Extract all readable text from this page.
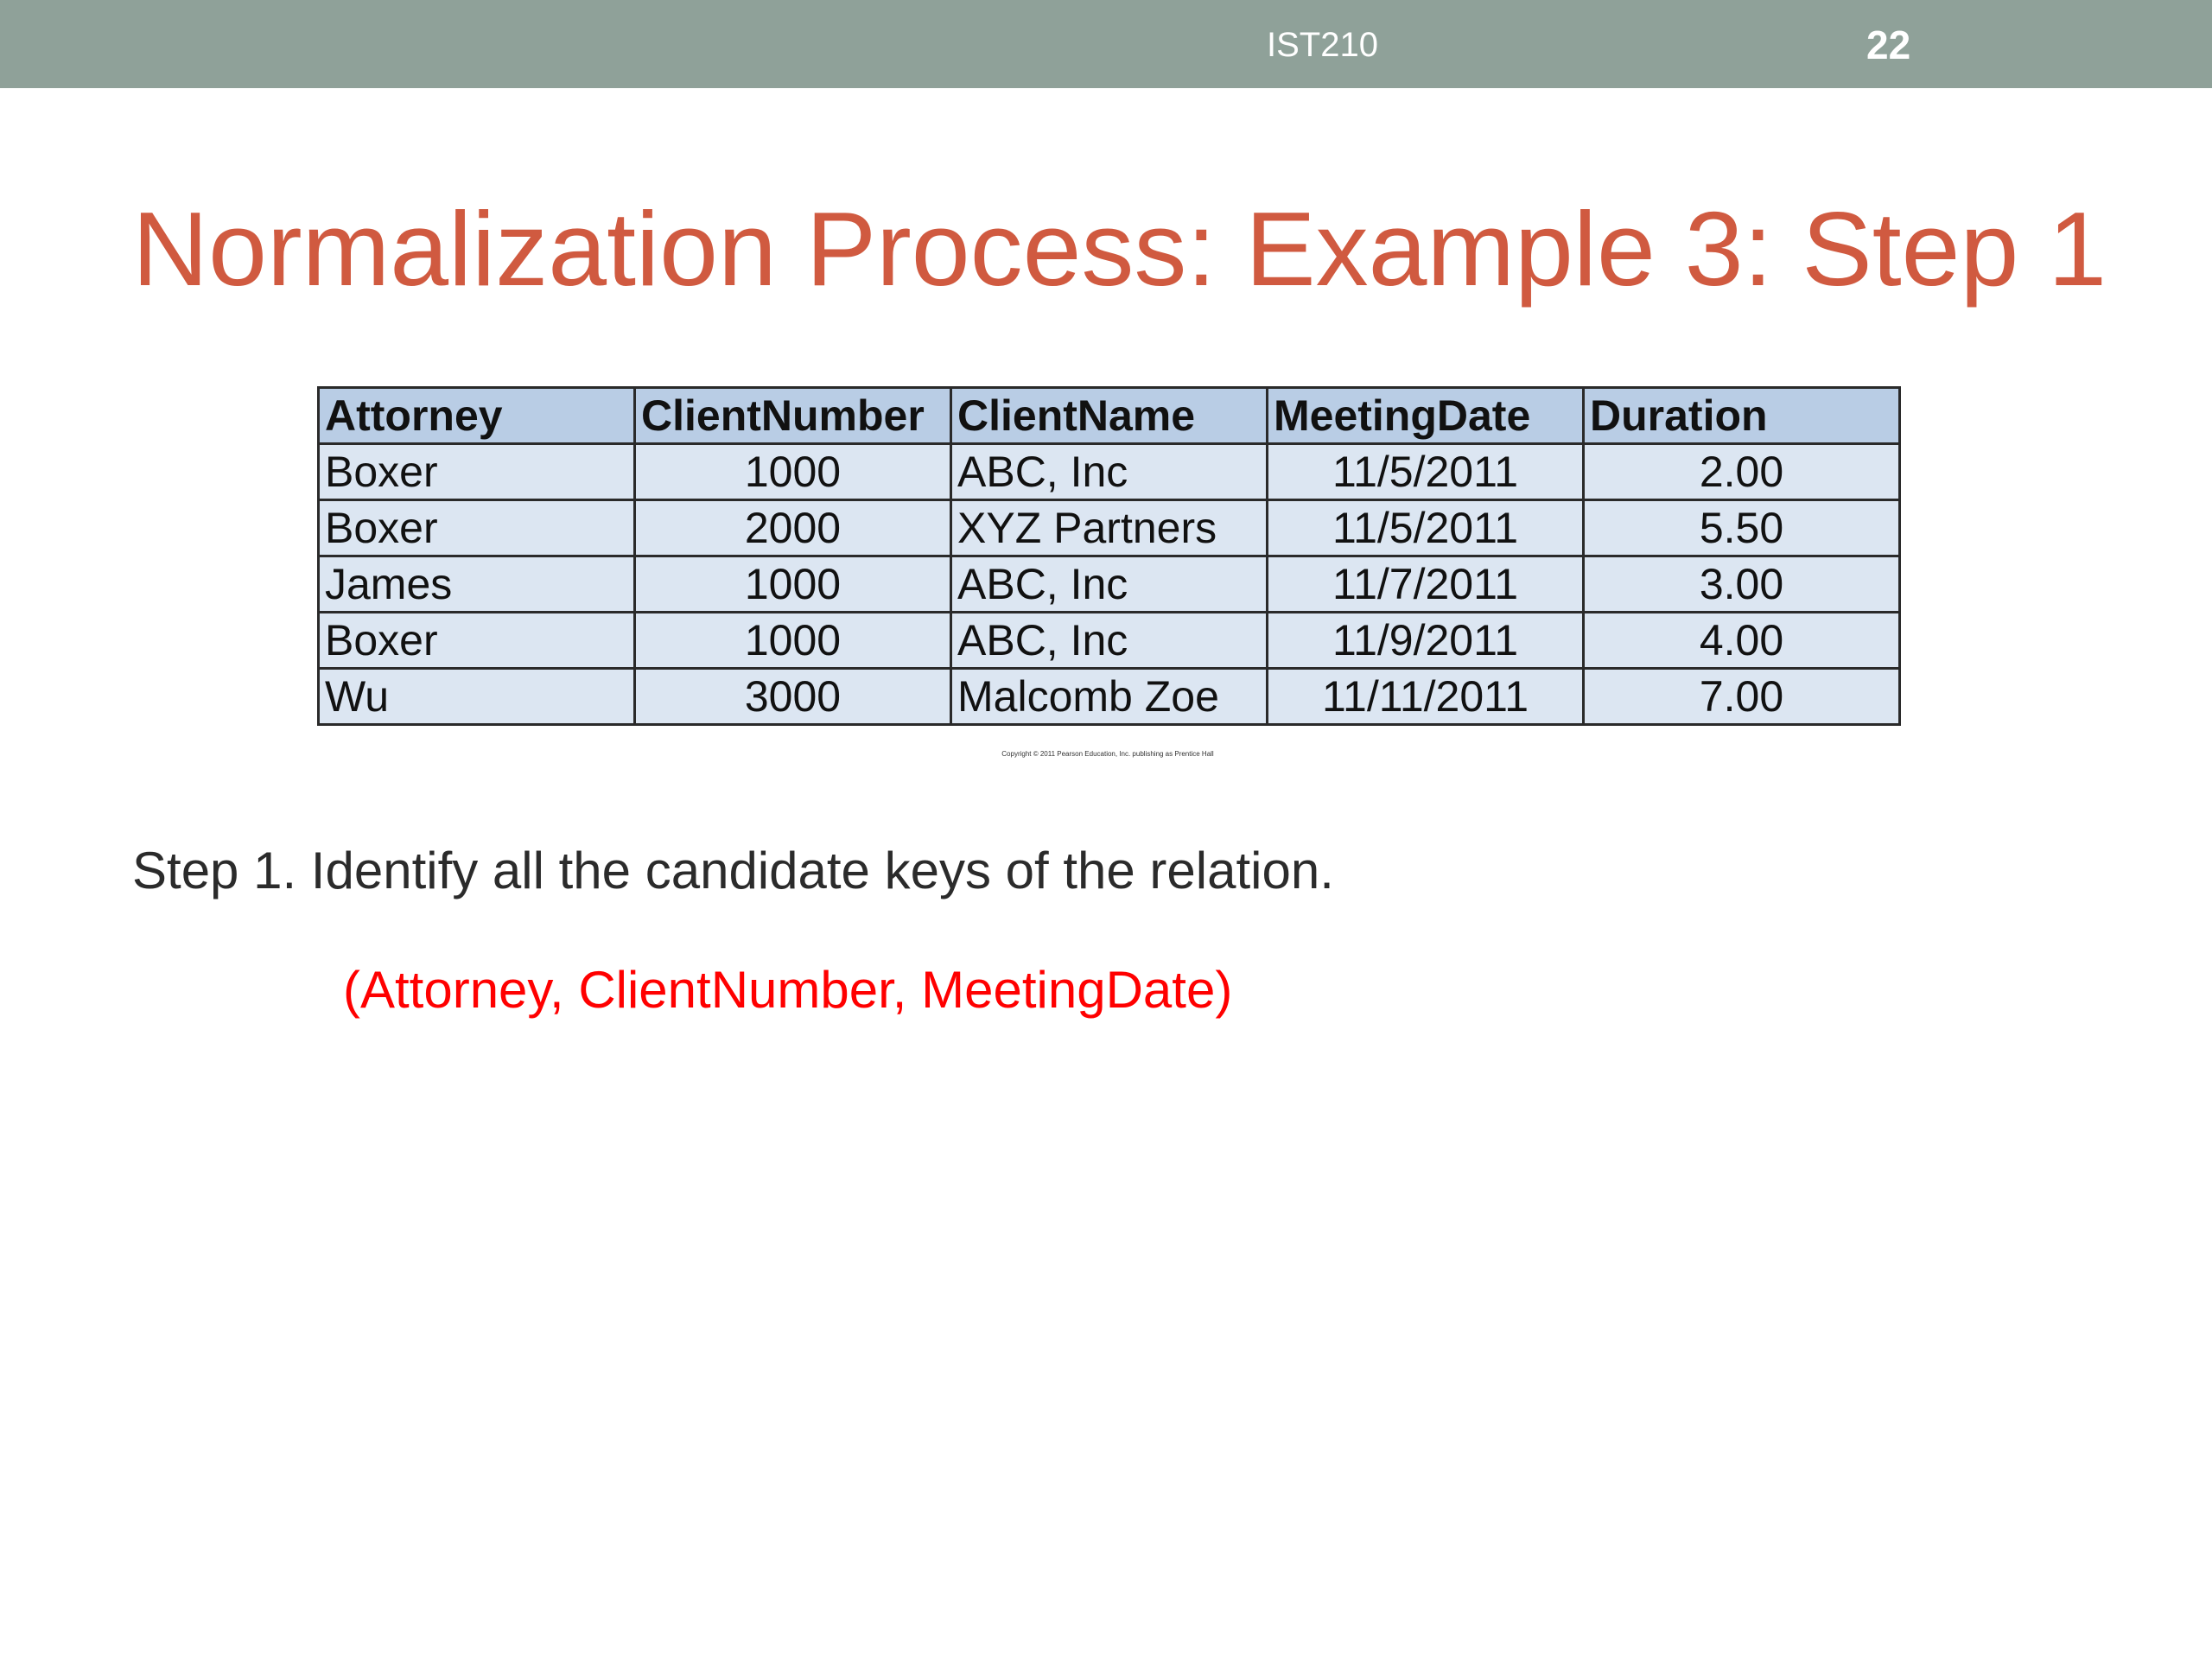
IST210	22
Normalization Process: Example 3: Step 1
Attorney	ClientNumber	ClientName	MeetingDate	Duration
Boxer	1000	ABC, Inc	11/5/2011	2.00
Boxer	2000	XYZ Partners	11/5/2011	5.50
James	1000	ABC, Inc	11/7/2011	3.00
Boxer	1000	ABC, Inc	11/9/2011	4.00
Wu	3000	Malcomb Zoe	11/11/2011	7.00
Copyright © 2011 Pearson Education, Inc. publishing as Prentice Hall
Step 1. Identify all the candidate keys of the relation.
(Attorney, ClientNumber, MeetingDate)
